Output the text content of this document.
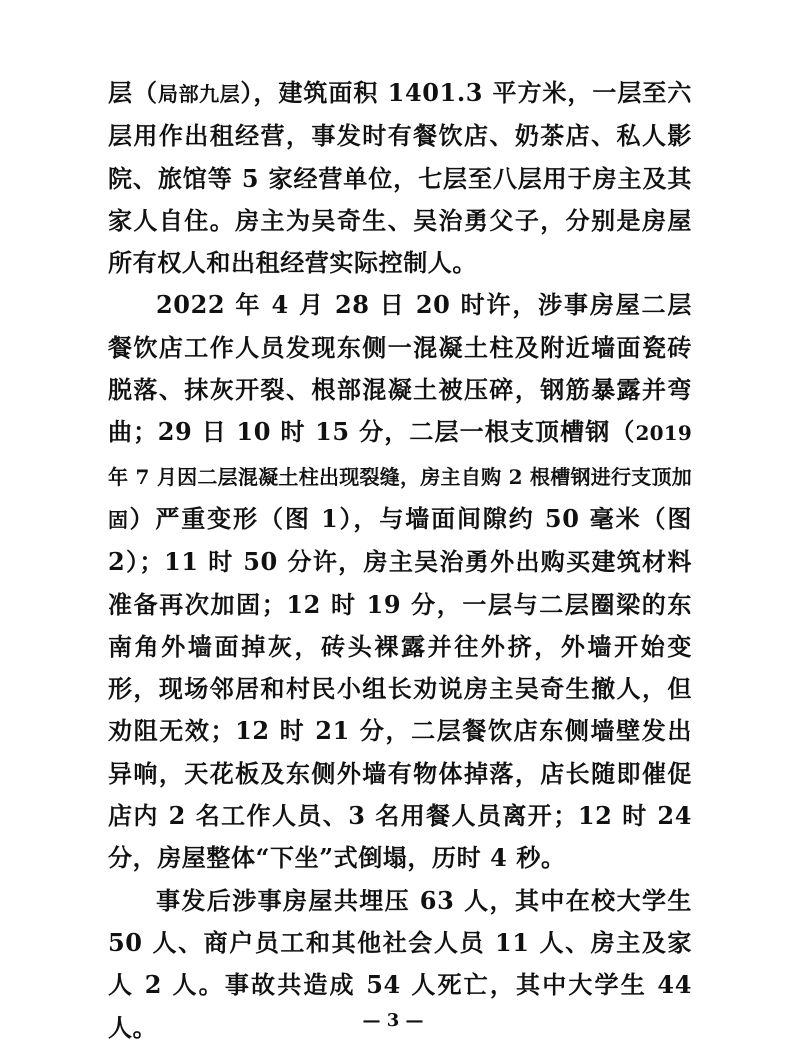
层（局部九层），建筑面积 1401.3 平方米，一层至六层用作出租经营，事发时有餐饮店、奶茶店、私人影院、旅馆等 5 家经营单位，七层至八层用于房主及其家人自住。房主为吴奇生、吴治勇父子，分别是房屋所有权人和出租经营实际控制人。

2022 年 4 月 28 日 20 时许，涉事房屋二层餐饮店工作人员发现东侧一混凝土柱及附近墙面瓷砖脱落、抹灰开裂、根部混凝土被压碎，钢筋暴露并弯曲；29 日 10 时 15 分，二层一根支顶槽钢（2019 年 7 月因二层混凝土柱出现裂缝，房主自购 2 根槽钢进行支顶加固）严重变形（图 1），与墙面间隙约 50 毫米（图 2）；11 时 50 分许，房主吴治勇外出购买建筑材料准备再次加固；12 时 19 分，一层与二层圈梁的东南角外墙面掉灰，砖头裸露并往外挤，外墙开始变形，现场邻居和村民小组长劝说房主吴奇生撤人，但劝阻无效；12 时 21 分，二层餐饮店东侧墙壁发出异响，天花板及东侧外墙有物体掉落，店长随即催促店内 2 名工作人员、3 名用餐人员离开；12 时 24 分，房屋整体“下坐”式倒塌，历时 4 秒。

事发后涉事房屋共埋压 63 人，其中在校大学生 50 人、商户员工和其他社会人员 11 人、房主及家人 2 人。事故共造成 54 人死亡，其中大学生 44 人。	— 3 —
